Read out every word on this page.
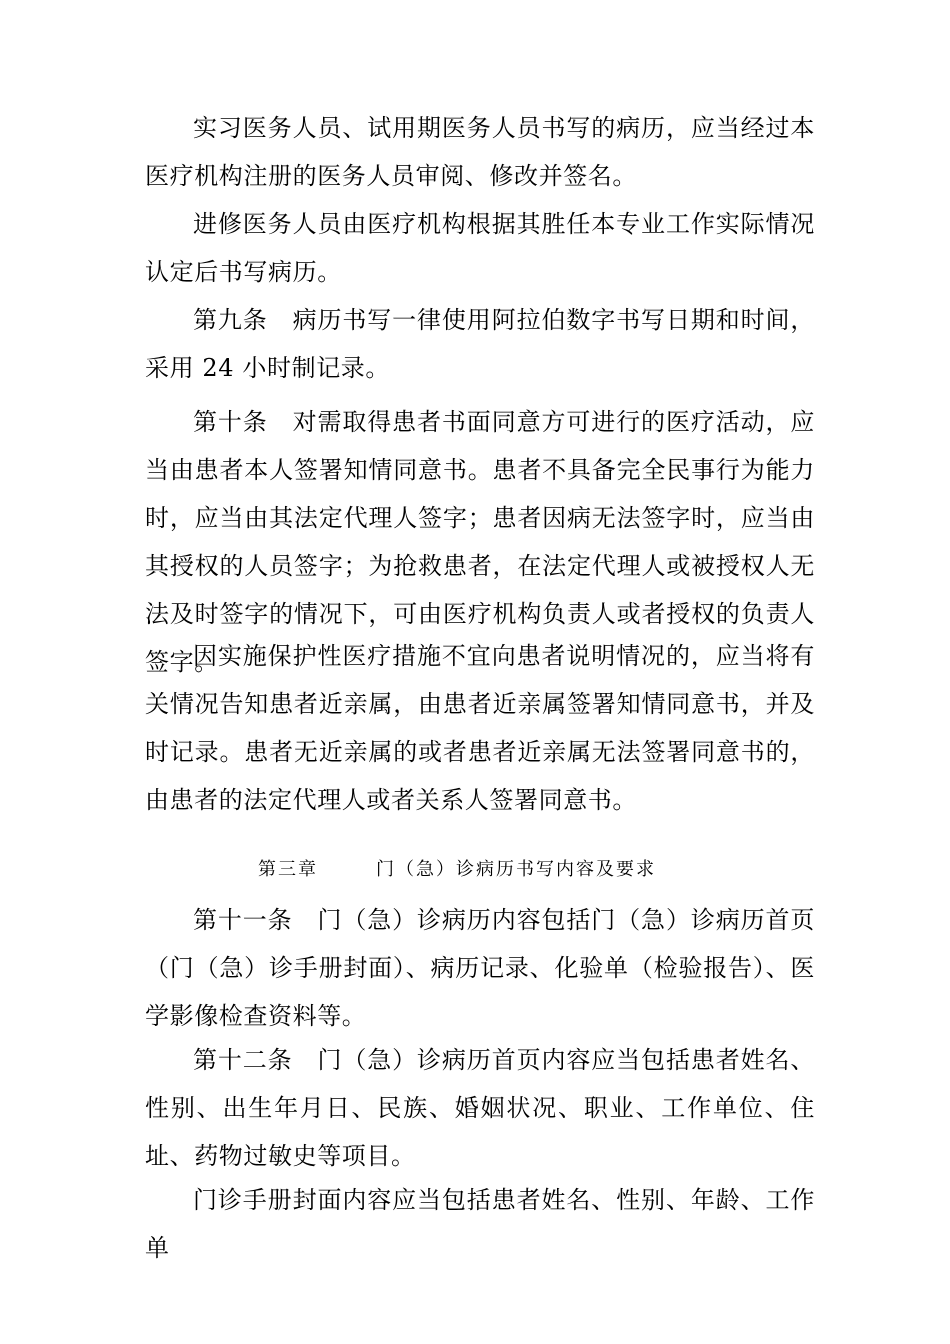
实习医务人员、试用期医务人员书写的病历，应当经过本医疗机构注册的医务人员审阅、修改并签名。

进修医务人员由医疗机构根据其胜任本专业工作实际情况认定后书写病历。

第九条　病历书写一律使用阿拉伯数字书写日期和时间，采用 24 小时制记录。

第十条　对需取得患者书面同意方可进行的医疗活动，应当由患者本人签署知情同意书。患者不具备完全民事行为能力时，应当由其法定代理人签字；患者因病无法签字时，应当由其授权的人员签字；为抢救患者，在法定代理人或被授权人无法及时签字的情况下，可由医疗机构负责人或者授权的负责人签字。

因实施保护性医疗措施不宜向患者说明情况的，应当将有关情况告知患者近亲属，由患者近亲属签署知情同意书，并及时记录。患者无近亲属的或者患者近亲属无法签署同意书的，由患者的法定代理人或者关系人签署同意书。

第三章	门（急）诊病历书写内容及要求

第十一条　门（急）诊病历内容包括门（急）诊病历首页（门（急）诊手册封面）、病历记录、化验单（检验报告）、医学影像检查资料等。

第十二条　门（急）诊病历首页内容应当包括患者姓名、性别、出生年月日、民族、婚姻状况、职业、工作单位、住址、药物过敏史等项目。

门诊手册封面内容应当包括患者姓名、性别、年龄、工作单
